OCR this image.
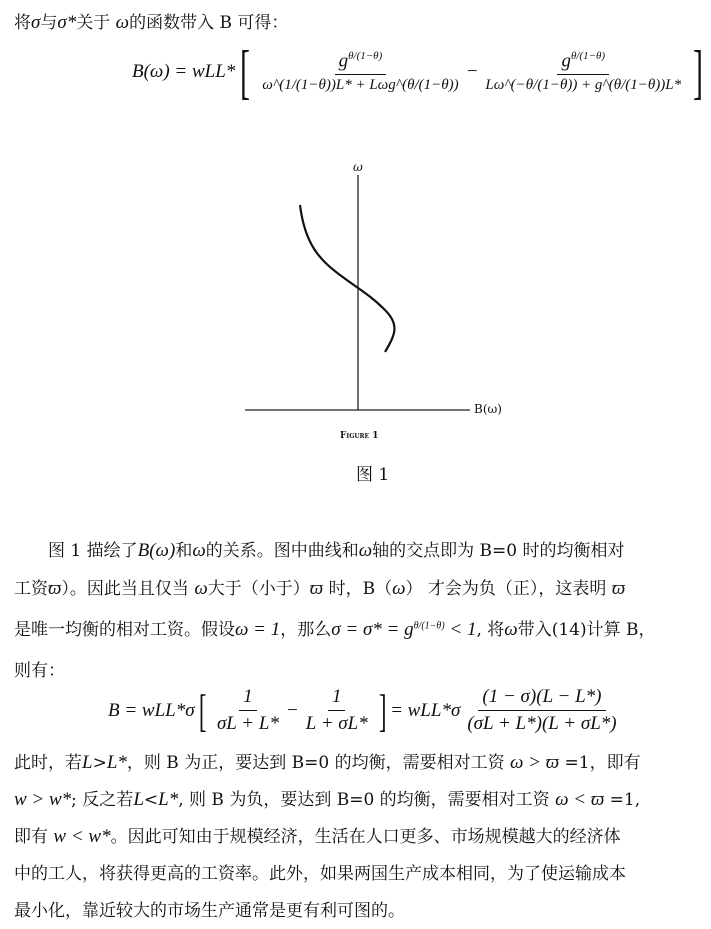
将σ与σ*关于 ω的函数带入 B 可得：
B(ω) = wLL* [ $\frac{g^{\theta/(1-\theta)}}{\text{ω\textasciicircum{}(1/(1−θ))L* + Lωg\textasciicircum{}(θ/(1−θ))}} - \frac{g^{\theta/(1-\theta)}}{L\omega\^{}(-\theta/(1-\theta)) + g\^{}(\theta/(1-\theta))L*}$ ]
ω
B(ω)
Figure 1
图 1
图 1 描绘了B(ω)和ω的关系。图中曲线和ω轴的交点即为 B=0 时的均衡相对
工资ϖ）。因此当且仅当 ω大于（小于）ϖ 时，B（ω） 才会为负（正），这表明 ϖ
是唯一均衡的相对工资。假设ω = 1，那么$\sigma = \sigma* = g^{\theta/(1-\theta)} < 1$, 将ω带入(14)计算 B，
则有：
B = wLL*σ [ $\frac{1}{\sigma L + L*} - \frac{1}{L + \sigma L*}$ ] = $wLL*\sigma \frac{(1 - \sigma)(L - L*)}{(\sigma L + L*)(L + \sigma L*)}$
此时，若L>L*，则 B 为正，要达到 B=0 的均衡，需要相对工资 ω > ϖ =1，即有
w > w*; 反之若L<L*, 则 B 为负，要达到 B=0 的均衡，需要相对工资 ω < ϖ =1,
即有 w < w*。因此可知由于规模经济，生活在人口更多、市场规模越大的经济体
中的工人，将获得更高的工资率。此外，如果两国生产成本相同，为了使运输成本
最小化，靠近较大的市场生产通常是更有利可图的。
